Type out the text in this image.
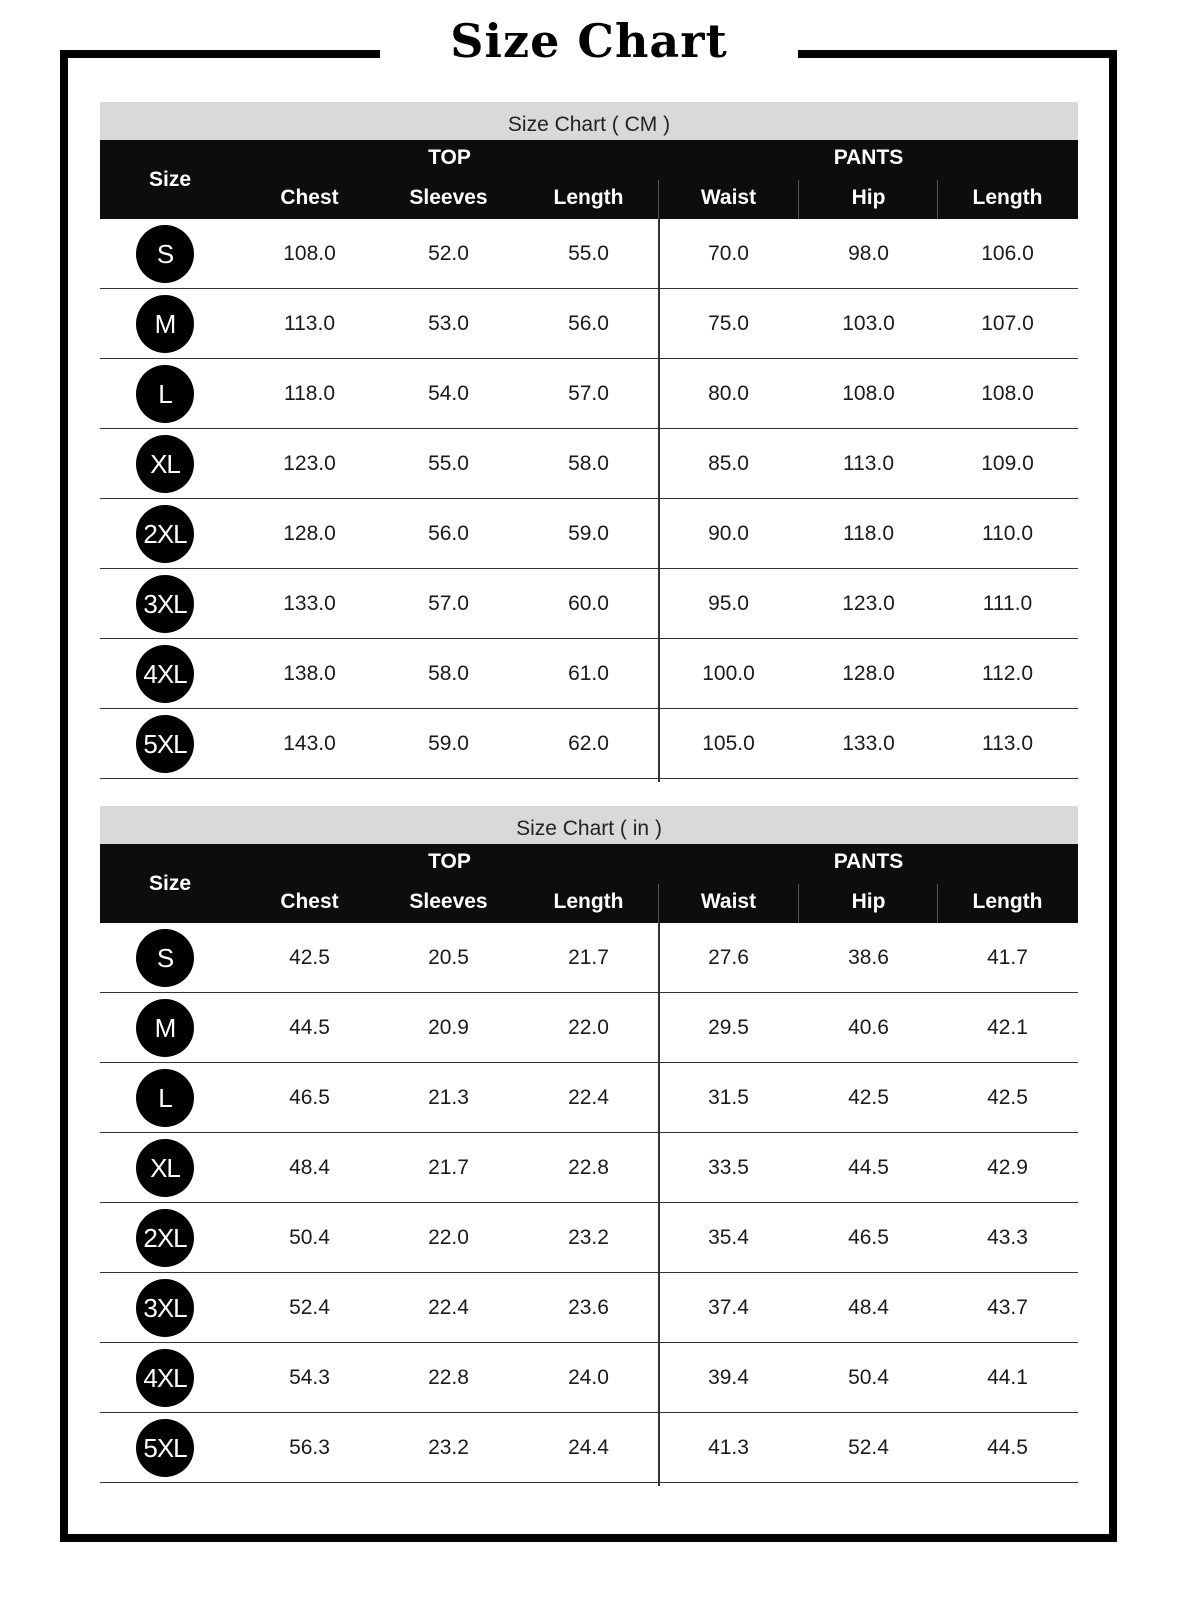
Size Chart
Size Chart ( CM )
Size
TOP	PANTS
Chest	Sleeves	Length	Waist	Hip	Length
S	108.0	52.0	55.0	70.0	98.0	106.0
M	113.0	53.0	56.0	75.0	103.0	107.0
L	118.0	54.0	57.0	80.0	108.0	108.0
XL	123.0	55.0	58.0	85.0	113.0	109.0
2XL	128.0	56.0	59.0	90.0	118.0	110.0
3XL	133.0	57.0	60.0	95.0	123.0	111.0
4XL	138.0	58.0	61.0	100.0	128.0	112.0
5XL	143.0	59.0	62.0	105.0	133.0	113.0
Size Chart ( in )
Size
TOP	PANTS
Chest	Sleeves	Length	Waist	Hip	Length
S	42.5	20.5	21.7	27.6	38.6	41.7
M	44.5	20.9	22.0	29.5	40.6	42.1
L	46.5	21.3	22.4	31.5	42.5	42.5
XL	48.4	21.7	22.8	33.5	44.5	42.9
2XL	50.4	22.0	23.2	35.4	46.5	43.3
3XL	52.4	22.4	23.6	37.4	48.4	43.7
4XL	54.3	22.8	24.0	39.4	50.4	44.1
5XL	56.3	23.2	24.4	41.3	52.4	44.5
